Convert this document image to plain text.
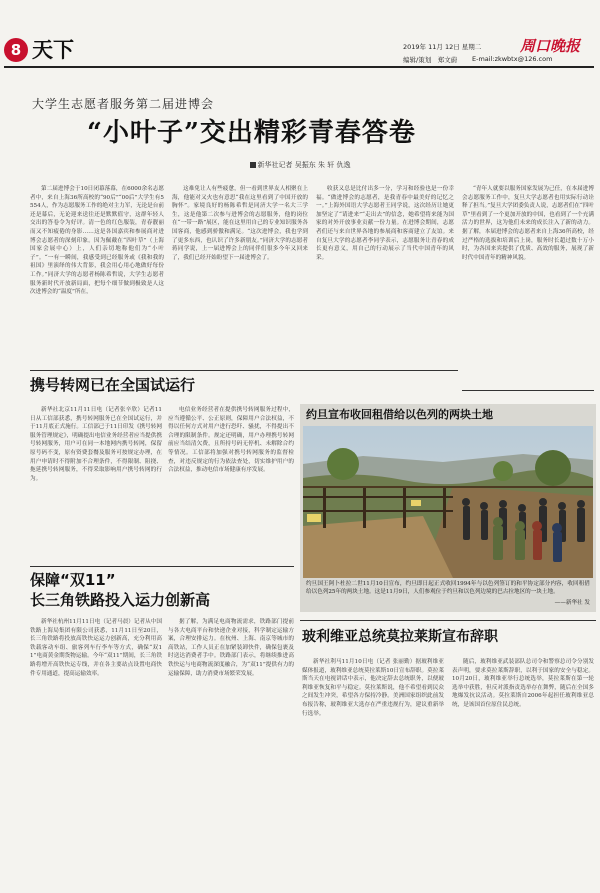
8 天下	2019年 11月 12日 星期二	周口晚报
编辑/策划　郑文蔚 E-mail:zkwbtx@126.com
大学生志愿者服务第二届进博会
“小叶子”交出精彩青春答卷
新华社记者 吴振东 朱 轩 仇逸
第二届进博会于10日闭幕落幕，在6000余名志愿者中，来自上海36所高校的“90后”“00后”大学生有5554人，作为志愿服务工作的绝对主力军，无论是台前还是幕后，无论迎来送往还是默默值守，这群年轻人交出的答卷令为好评。清一色的红色服装，青春靓丽而又不知疲倦的身影……这是各国嘉宾和参展商对进博会志愿者的深刻印象。因为佩戴在“四叶草”（上海国家会展中心）上，人们亲切地称他们为“小叶子”。“一有一瞬间，我感受到已经服务或《我和我的祖国》里演绎的伟大背影，我会用心用心地做好每份工作。”同济大学的志愿者杨陈希哲说，大学生志愿者服务新时代开放新局面，把每个细节做到极致是人这次进博会的“温度”所在，
这难免让人有些疲惫，但一看到世界友人相聚在上海，他能对又火也有意思“我在这里看到了中国开放的胸怀”。家境良好的杨陈希哲是同济大学一名大三学生，这是他第二次参与进博会的志愿服务，他的岗位在“一带一路”展区，能在这里用自己的专业知识服务各国客商，他感到骄傲和满足。“这次进博会，我也学到了更多东西，也认识了许多新朋友。”同济大学的志愿者蒋同学说，上一届进博会上的同伴们很多今年又回来了，我们已经开始盼望下一届进博会了。
收获又总是比付出多一分，学习和经验也是一份幸福。“做进博会的志愿者，是我青春中最美好的记忆之一。”上海外国语大学志愿者王同学说，这次经历让她更加坚定了“请进来”“走出去”的信念，她希望将来能为国家的对外开放事业贡献一份力量。在进博会期间，志愿者们还与来自世界各地的参展商和客商建立了友谊。来自复旦大学的志愿者李同学表示，志愿服务让青春的成长更有意义，用自己的行动展示了当代中国青年的风采。
“青年人就要以服务国家发展为己任，在本届进博会志愿服务工作中，复旦大学志愿者也用实际行动诠释了担当。”复旦大学团委负责人说，志愿者们在“四叶草”里看到了一个更加开放的中国，也看到了一个充满活力的世界，这为他们未来的成长注入了新的动力。据了解，本届进博会的志愿者来自上海36所高校，经过严格的选拔和培训后上岗，服务时长超过数十万小时，为各国来宾提供了优质、高效的服务，展现了新时代中国青年的精神风貌。
携号转网已在全国试运行
新华社北京11月11日电（记者张辛欣）记者11日从工信部获悉，携号转网服务已在全国试运行，并于11月底正式施行。工信部已于11日印发《携号转网服务管理规定》，明确提出电信业务经营者应当提供携号转网服务，用户可在同一本地网内携号转网，保留原号码不变，原有资费套餐及服务可按规定办理，在用户申请时不得附加不合理条件，不得限制、阻挠、拖延携号转网服务，不得采取影响用户携号转网的行为。
电信业务经营者在提供携号转网服务过程中，应当遵循公平、公正原则，保障用户合法权益，不得以任何方式对用户进行恐吓、骚扰，不得提出不合理的限制条件。规定还明确，用户办理携号转网前应当结清欠费，且所持号码无停机、未解除合约等情况。工信部将加强对携号转网服务的监督检查，对违反规定的行为依法查处，切实维护用户的合法权益，推动电信市场健康有序发展。
保障“双11”
长三角铁路投入运力创新高
新华社杭州11月11日电（记者马晨）记者从中国铁路上海局集团有限公司获悉，11月11日至20日，长三角铁路将投放高铁快运运力创新高，充分利用高铁载客动车组、旅客列车行李车等方式，确保“双11”电商黄金期货物运输。今年“双11”期间，长三角铁路将增开高铁快运专线，并在各主要站点设置电商快件专用通道，提高运输效率。
据了解，为满足电商物流需求，铁路部门提前与各大电商平台和快递企业对接，科学制定运输方案，合理安排运力。在杭州、上海、南京等城市的高铁站，工作人员正在加紧装卸快件，确保包裹及时送达消费者手中。铁路部门表示，将继续推进高铁快运与电商物流深度融合，为“双11”提供有力的运输保障，助力消费市场繁荣发展。
约旦宣布收回租借给以色列的两块土地
约旦国王阿卜杜拉二世11月10日宣布，约旦即日起正式收回1994年与以色列签订的和平协定部分内容，收回租借给以色列25年的两块土地。这是11月9日，人们参观位于约旦和以色列边境的巴古拉地区的一块土地。
——新华社 发
玻利维亚总统莫拉莱斯宣布辞职
新华社利马11月10日电（记者 张丽勤）据玻利维亚媒体报道，玻利维亚总统莫拉莱斯10日宣布辞职。莫拉莱斯当天在电视讲话中表示，他决定辞去总统职务，以便玻利维亚恢复和平与稳定。莫拉莱斯说，他不希望看到民众之间发生冲突，希望各方保持冷静。美洲国家组织此前发布报告称，玻利维亚大选存在严重违规行为，建议重新举行选举。
随后，玻利维亚武装部队总司令和警察总司令分别发表声明，要求莫拉莱斯辞职，以利于国家的安全与稳定。10月20日，玻利维亚举行总统选举，莫拉莱斯在第一轮选举中获胜，但反对派指责选举存在舞弊，随后在全国多地爆发抗议活动。莫拉莱斯自2006年起担任玻利维亚总统，是该国首位原住民总统。
